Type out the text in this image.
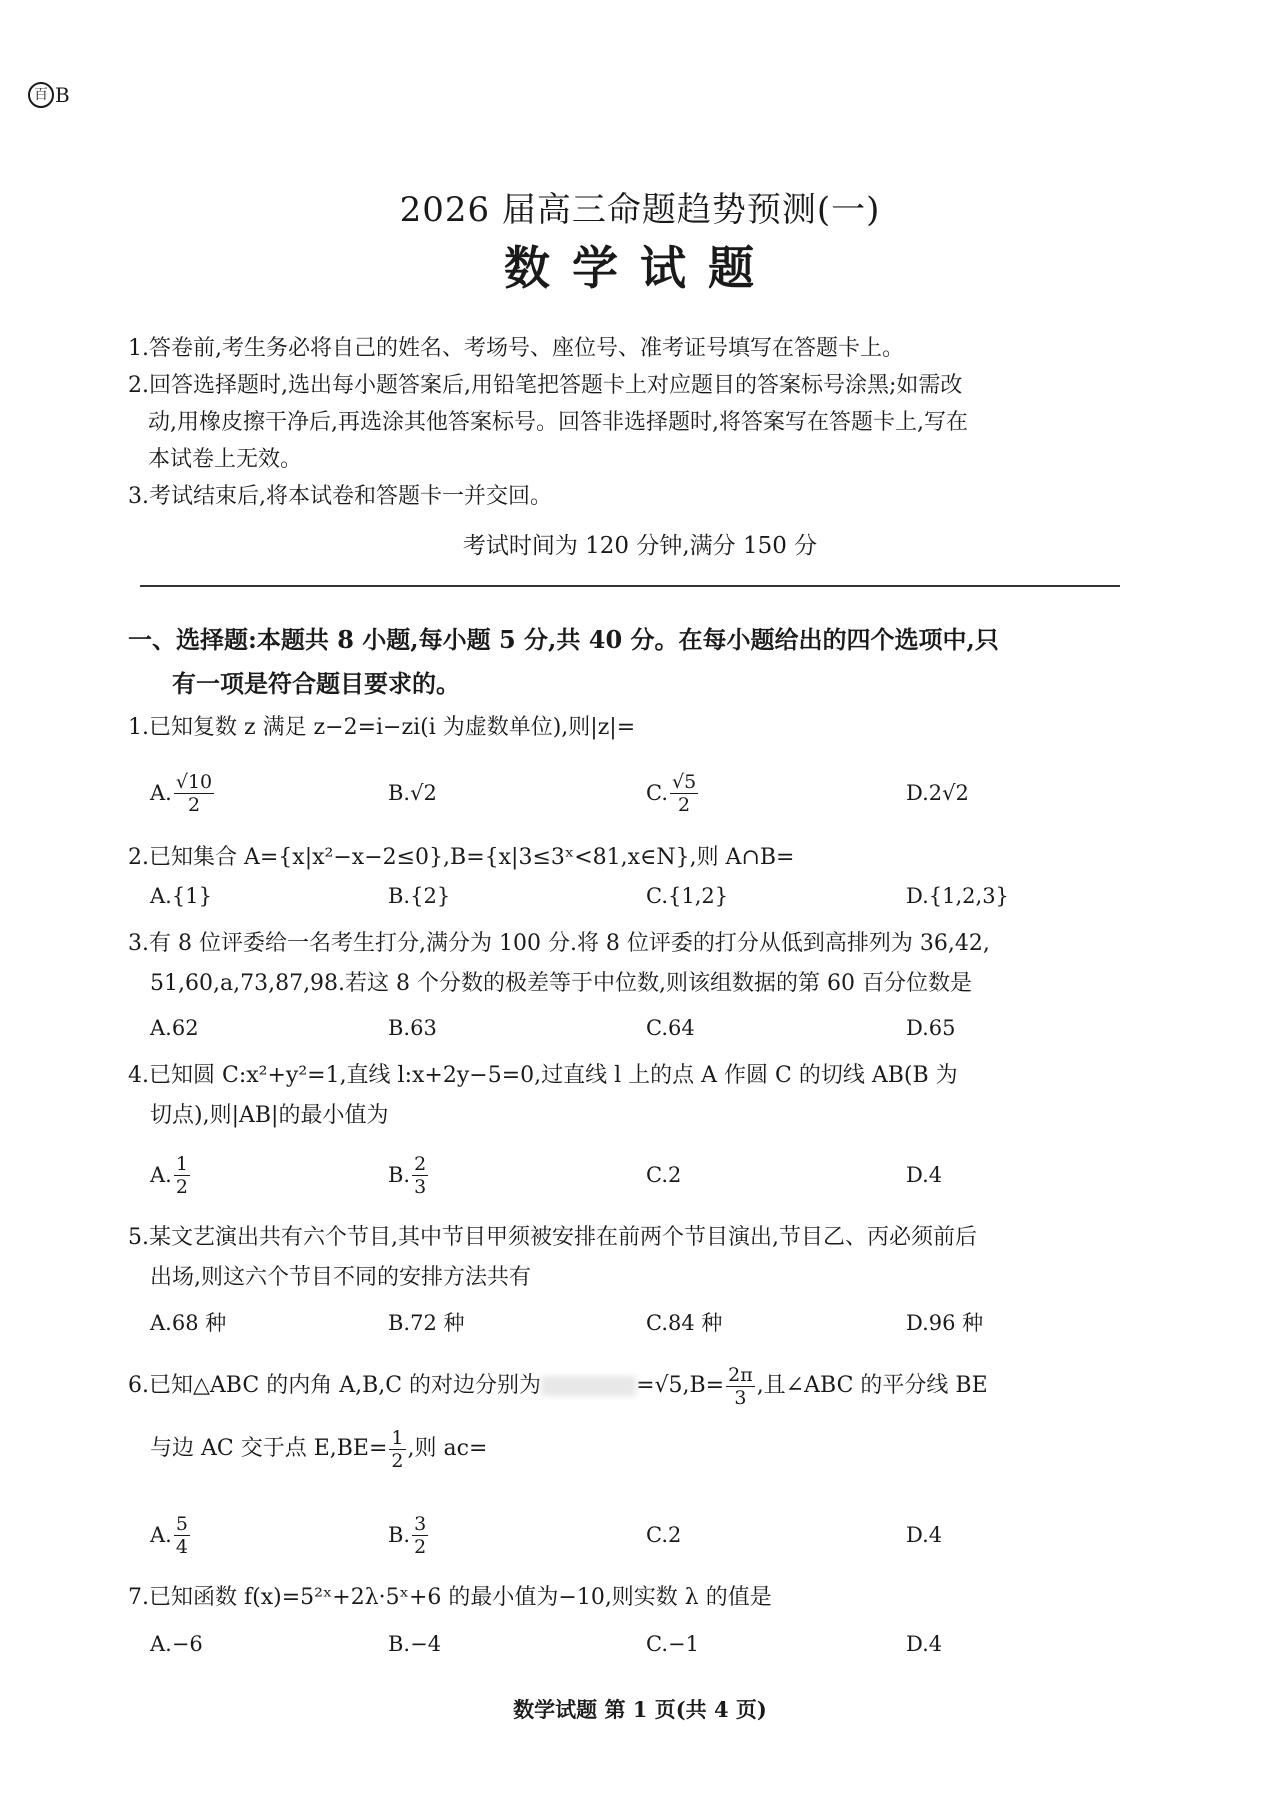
百 B
2026 届高三命题趋势预测(一)
数学试题
1.答卷前,考生务必将自己的姓名、考场号、座位号、准考证号填写在答题卡上。
2.回答选择题时,选出每小题答案后,用铅笔把答题卡上对应题目的答案标号涂黑;如需改
动,用橡皮擦干净后,再选涂其他答案标号。回答非选择题时,将答案写在答题卡上,写在
本试卷上无效。
3.考试结束后,将本试卷和答题卡一并交回。
考试时间为 120 分钟,满分 150 分
一、选择题:本题共 8 小题,每小题 5 分,共 40 分。在每小题给出的四个选项中,只
有一项是符合题目要求的。
1.已知复数 z 满足 z−2=i−zi(i 为虚数单位),则|z|=
A. $\frac{√10}{2}$	B.√2	C. $\frac{√5}{2}$	D.2√2
2.已知集合 A={x|x²−x−2≤0},B={x|3≤3ˣ<81,x∈N},则 A∩B=
A.{1}	B.{2}	C.{1,2}	D.{1,2,3}
3.有 8 位评委给一名考生打分,满分为 100 分.将 8 位评委的打分从低到高排列为 36,42,
51,60,a,73,87,98.若这 8 个分数的极差等于中位数,则该组数据的第 60 百分位数是
A.62	B.63	C.64	D.65
4.已知圆 C:x²+y²=1,直线 l:x+2y−5=0,过直线 l 上的点 A 作圆 C 的切线 AB(B 为
切点),则|AB|的最小值为
A. $\frac{1}{2}$	B. $\frac{2}{3}$	C.2	D.4
5.某文艺演出共有六个节目,其中节目甲须被安排在前两个节目演出,节目乙、丙必须前后
出场,则这六个节目不同的安排方法共有
A.68 种	B.72 种	C.84 种	D.96 种
6.已知△ABC 的内角 A,B,C 的对边分别为	$=√5,B= \frac{2\pi}{3}$ ,且∠ABC 的平分线 BE
与边 AC 交于点 $E,BE= \frac{1}{2}$ ,则 ac=
A. $\frac{5}{4}$	B. $\frac{3}{2}$	C.2	D.4
7.已知函数 f(x)=5²ˣ+2λ·5ˣ+6 的最小值为−10,则实数 λ 的值是
A.−6	B.−4	C.−1	D.4
数学试题 第 1 页(共 4 页)
